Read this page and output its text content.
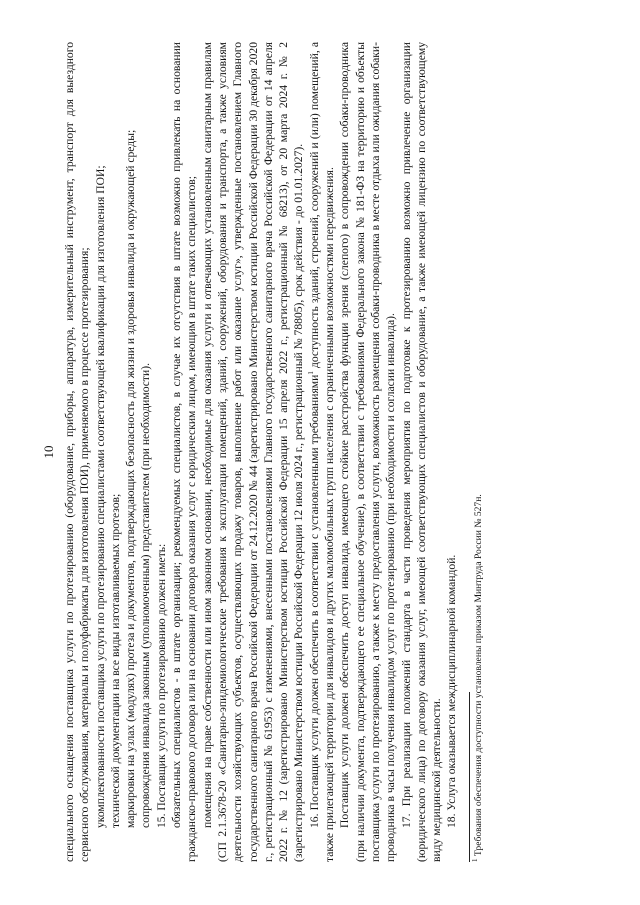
10 специального оснащения поставщика услуги по протезированию (оборудование, приборы, аппаратура, измерительный инструмент, транспорт для выездного сервисного обслуживания, материалы и полуфабрикаты для изготовления ПОИ), применяемого в процессе протезирования; укомплектованности поставщика услуги по протезированию специалистами соответствующей квалификации для изготовления ПОИ; технической документации на все виды изготавливаемых протезов; маркировки на узлах (модулях) протеза и документов, подтверждающих безопасность для жизни и здоровья инвалида и окружающей среды; сопровождения инвалида законным (уполномоченным) представителем (при необходимости). 15. Поставщик услуги по протезированию должен иметь: обязательных специалистов - в штате организации; рекомендуемых специалистов, в случае их отсутствия в штате возможно привлекать на основании гражданско-правового договора или на основании договора оказания услуг с юридическим лицом, имеющим в штате таких специалистов; помещения на праве собственности или ином законном основании, необходимые для оказания услуги и отвечающих установленным санитарным правилам (СП 2.1.3678-20 «Санитарно-эпидемиологические требования к эксплуатации помещений, зданий, сооружений, оборудования и транспорта, а также условиям деятельности хозяйствующих субъектов, осуществляющих продажу товаров, выполнение работ или оказание услуг», утвержденные постановлением Главного государственного санитарного врача Российской Федерации от 24.12.2020 № 44 (зарегистрировано Министерством юстиции Российской Федерации 30 декабря 2020 г., регистрационный № 61953) с изменениями, внесенными постановлениями Главного государственного санитарного врача Российской Федерации от 14 апреля 2022 г. № 12 (зарегистрировано Министерством юстиции Российской Федерации 15 апреля 2022 г., регистрационный № 68213), от 20 марта 2024 г. № 2 (зарегистрировано Министерством юстиции Российской Федерации 12 июля 2024 г., регистрационный № 78805), срок действия - до 01.01.2027). 16. Поставщик услуги должен обеспечить в соответствии с установленными требованиями$^1$ доступность зданий, строений, сооружений и (или) помещений, а также прилегающей территории для инвалидов и других маломобильных групп населения с ограниченными возможностями передвижения. Поставщик услуги должен обеспечить доступ инвалида, имеющего стойкие расстройства функции зрения (слепого) в сопровождении собаки-проводника (при наличии документа, подтверждающего ее специальное обучение), в соответствии с требованиями Федерального закона № 181-ФЗ на территорию и объекты поставщика услуги по протезированию, а также к месту предоставления услуги, возможность размещения собаки-проводника в месте отдыха или ожидания собаки-проводника в часы получения инвалидом услуг по протезированию (при необходимости и согласии инвалида). 17. При реализации положений стандарта в части проведения мероприятия по подготовке к протезированию возможно привлечение организации (юридического лица) по договору оказания услуг, имеющей соответствующих специалистов и оборудование, а также имеющей лицензию по соответствующему виду медицинской деятельности. 18. Услуга оказывается междисциплинарной командой.

$^1$ Требования обеспечения доступности установлены приказом Минтруда России № 527н.
